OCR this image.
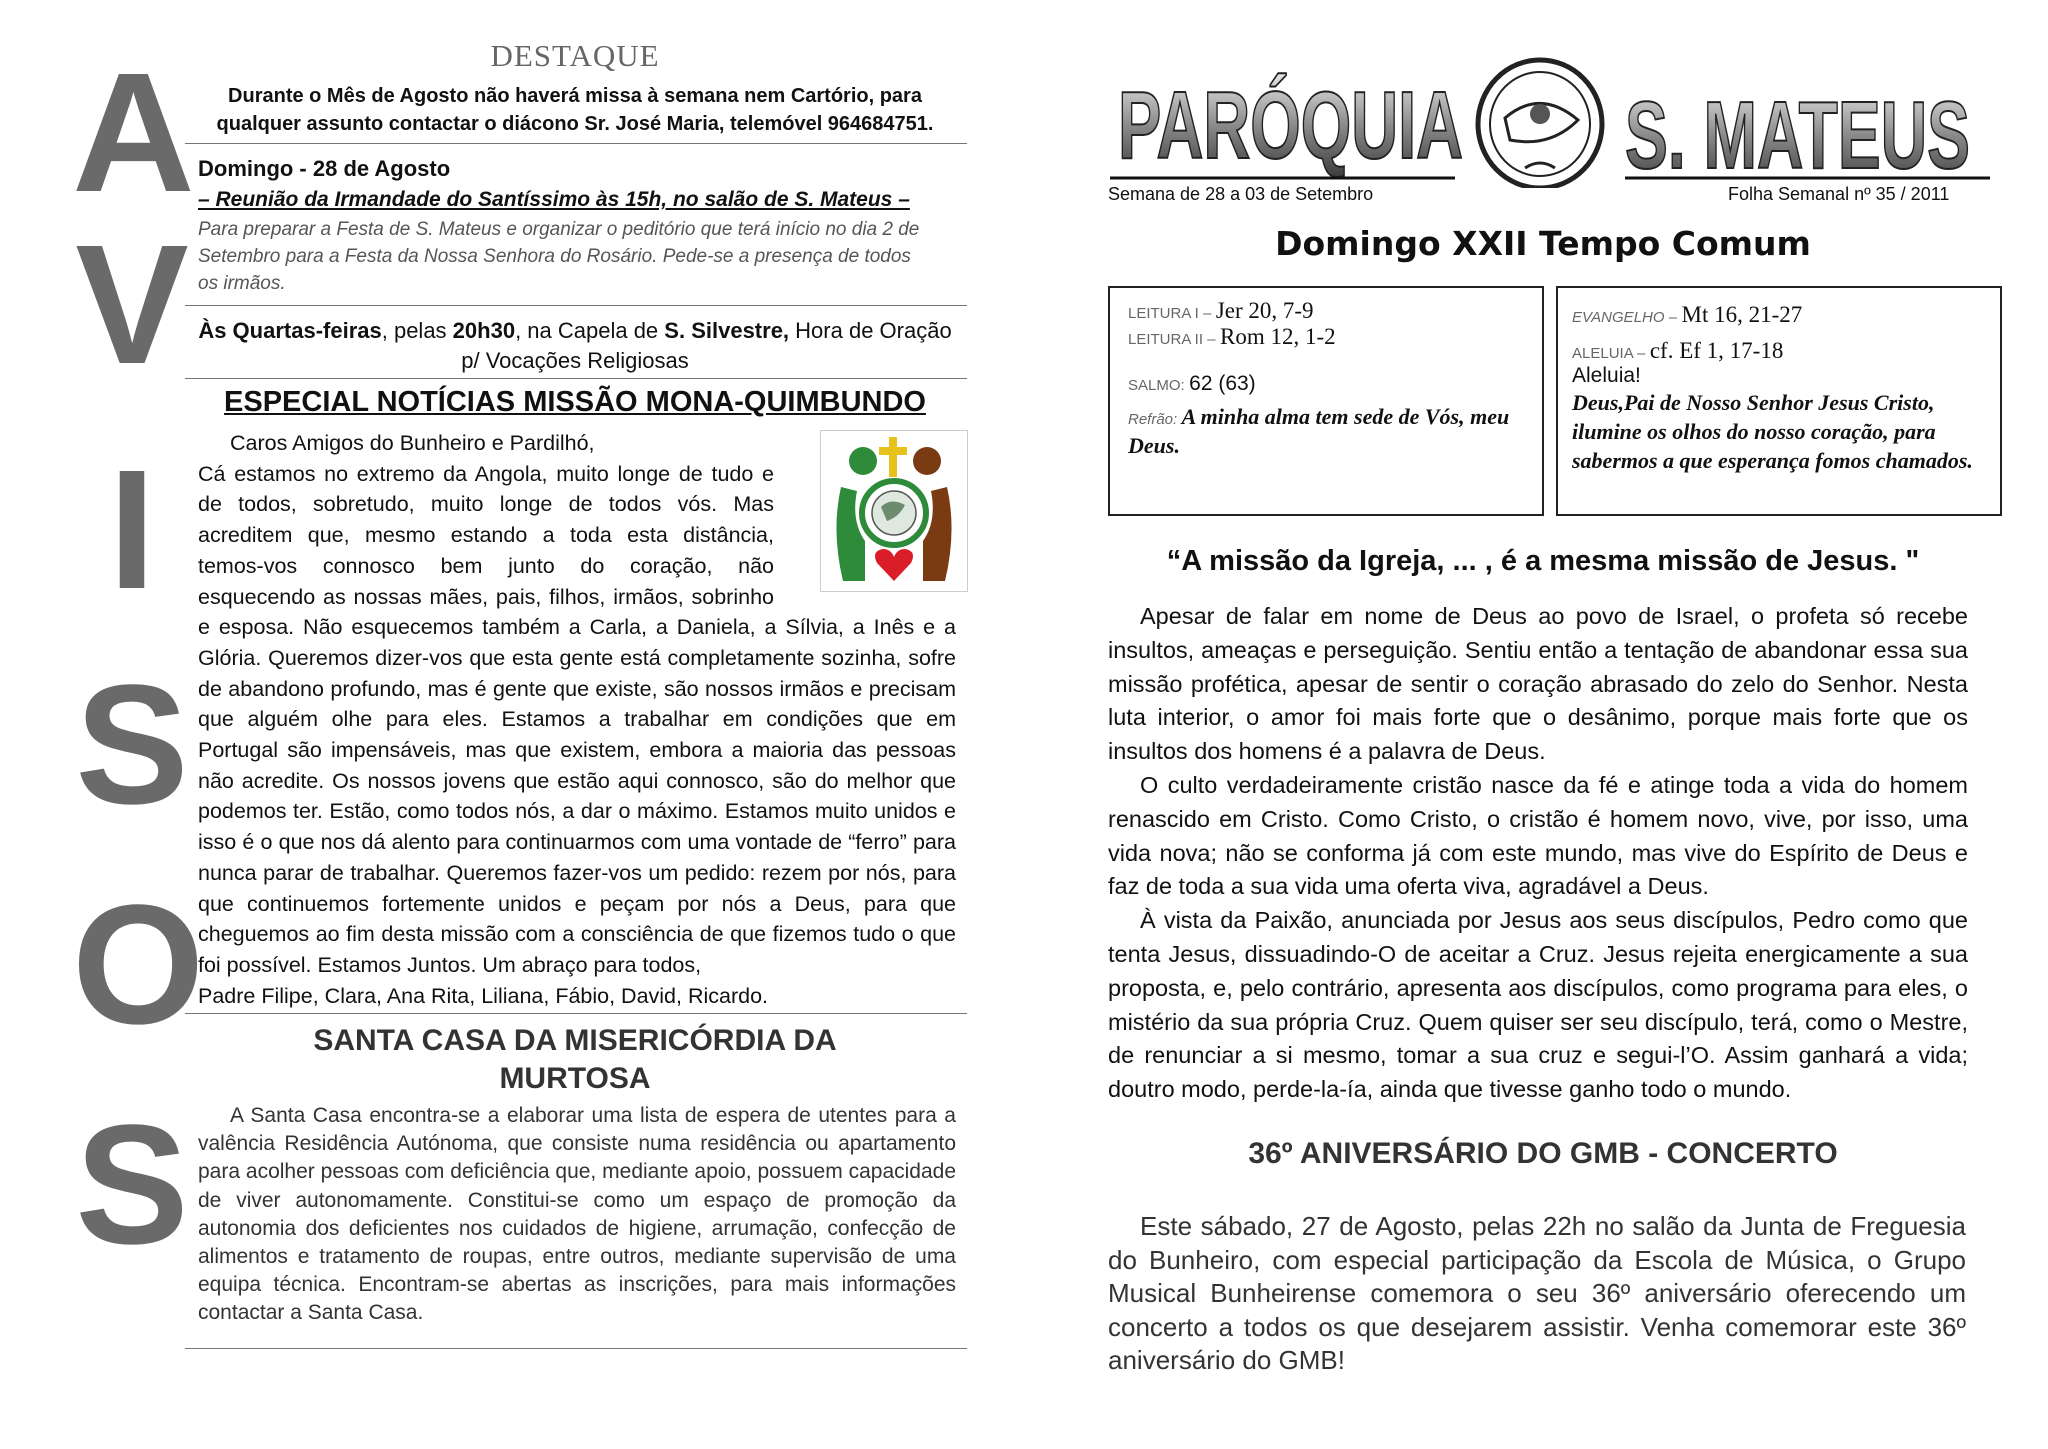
A
V
I
S
O
S
DESTAQUE
Durante o Mês de Agosto não haverá missa à semana nem Cartório, para qualquer assunto contactar o diácono Sr. José Maria, telemóvel 964684751.
Domingo - 28 de Agosto
– Reunião da Irmandade do Santíssimo às 15h, no salão de S. Mateus –
Para preparar a Festa de S. Mateus e organizar o peditório que terá início no dia 2 de Setembro para a Festa da Nossa Senhora do Rosário. Pede-se a presença de todos os irmãos.
Às Quartas-feiras, pelas 20h30, na Capela de S. Silvestre, Hora de Oração p/ Vocações Religiosas
ESPECIAL NOTÍCIAS MISSÃO MONA-QUIMBUNDO
Caros Amigos do Bunheiro e Pardilhó,
Cá estamos no extremo da Angola, muito longe de tudo e de todos, sobretudo, muito longe de todos vós. Mas acreditem que, mesmo estando a toda esta distância, temos-vos connosco bem junto do coração, não esquecendo as nossas mães, pais, filhos, irmãos, sobrinho e esposa. Não esquecemos também a Carla, a Daniela, a Sílvia, a Inês e a Glória. Queremos dizer-vos que esta gente está completamente sozinha, sofre de abandono profundo, mas é gente que existe, são nossos irmãos e precisam que alguém olhe para eles. Estamos a trabalhar em condições que em Portugal são impensáveis, mas que existem, embora a maioria das pessoas não acredite. Os nossos jovens que estão aqui connosco, são do melhor que podemos ter. Estão, como todos nós, a dar o máximo. Estamos muito unidos e isso é o que nos dá alento para continuarmos com uma vontade de “ferro” para nunca parar de trabalhar. Queremos fazer-vos um pedido: rezem por nós, para que continuemos fortemente unidos e peçam por nós a Deus, para que cheguemos ao fim desta missão com a consciência de que fizemos tudo o que foi possível. Estamos Juntos. Um abraço para todos,
Padre Filipe, Clara, Ana Rita, Liliana, Fábio, David, Ricardo.
SANTA CASA DA MISERICÓRDIA DA
MURTOSA
A Santa Casa encontra-se a elaborar uma lista de espera de utentes para a valência Residência Autónoma, que consiste numa residência ou apartamento para acolher pessoas com deficiência que, mediante apoio, possuem capacidade de viver autonomamente. Constitui-se como um espaço de promoção da autonomia dos deficientes nos cuidados de higiene, arrumação, confecção de alimentos e tratamento de roupas, entre outros, mediante supervisão de uma equipa técnica. Encontram-se abertas as inscrições, para mais informações contactar a Santa Casa.
PARÓQUIA S. MATEUS
Semana de 28 a 03 de Setembro	Folha Semanal nº 35 / 2011
Domingo XXII Tempo Comum
LEITURA I – Jer 20, 7-9
LEITURA II – Rom 12, 1-2
SALMO: 62 (63)
Refrão: A minha alma tem sede de Vós, meu Deus.
EVANGELHO – Mt 16, 21-27
ALELUIA – cf. Ef 1, 17-18
Aleluia!
Deus,Pai de Nosso Senhor Jesus Cristo, ilumine os olhos do nosso coração, para sabermos a que esperança fomos chamados.
“A missão da Igreja, ... , é a mesma missão de Jesus. "

Apesar de falar em nome de Deus ao povo de Israel, o profeta só recebe insultos, ameaças e perseguição. Sentiu então a tentação de abandonar essa sua missão profética, apesar de sentir o coração abrasado do zelo do Senhor. Nesta luta interior, o amor foi mais forte que o desânimo, porque mais forte que os insultos dos homens é a palavra de Deus.

O culto verdadeiramente cristão nasce da fé e atinge toda a vida do homem renascido em Cristo. Como Cristo, o cristão é homem novo, vive, por isso, uma vida nova; não se conforma já com este mundo, mas vive do Espírito de Deus e faz de toda a sua vida uma oferta viva, agradável a Deus.

À vista da Paixão, anunciada por Jesus aos seus discípulos, Pedro como que tenta Jesus, dissuadindo-O de aceitar a Cruz. Jesus rejeita energicamente a sua proposta, e, pelo contrário, apresenta aos discípulos, como programa para eles, o mistério da sua própria Cruz. Quem quiser ser seu discípulo, terá, como o Mestre, de renunciar a si mesmo, tomar a sua cruz e segui-l’O. Assim ganhará a vida; doutro modo, perde-la-ía, ainda que tivesse ganho todo o mundo.

36º ANIVERSÁRIO DO GMB - CONCERTO
Este sábado, 27 de Agosto, pelas 22h no salão da Junta de Freguesia do Bunheiro, com especial participação da Escola de Música, o Grupo Musical Bunheirense comemora o seu 36º aniversário oferecendo um concerto a todos os que desejarem assistir. Venha comemorar este 36º aniversário do GMB!
